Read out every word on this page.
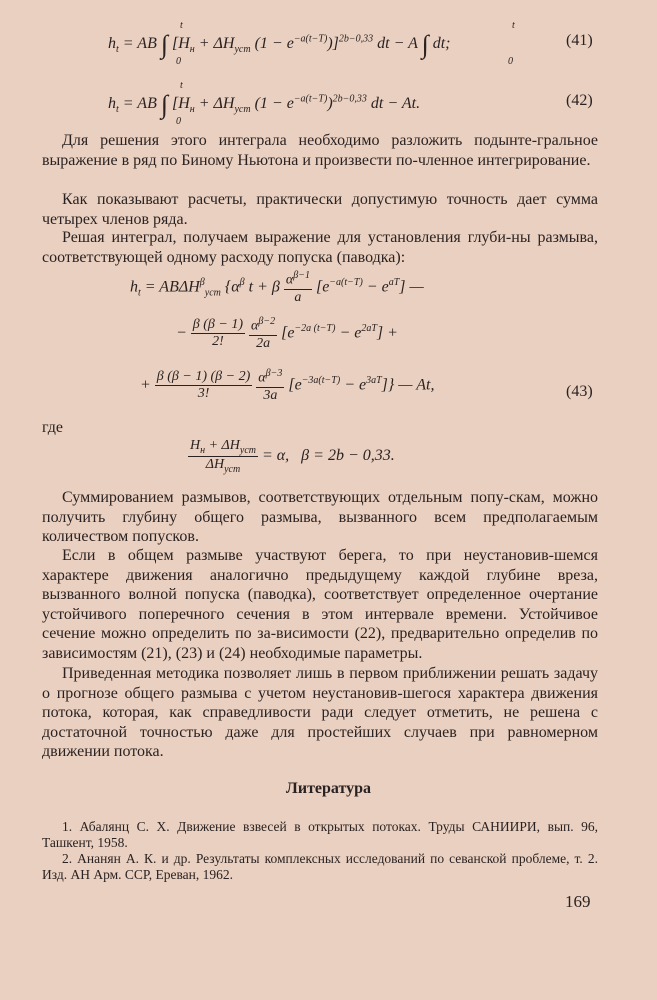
$h_t$ = AB ∫ [$H_н + \Delta H_{уст}$ $(1 - e^{-a(t-T)})]^{2b-0,33}$ dt − A ∫ dt;
t
0
t
0
(41)
$h_t$ = AB ∫ [$H_н + \Delta H_{уст}$ $(1 - e^{-a(t-T)})^{2b-0,33}$ dt − At.
t
0
(42)

Для решения этого интеграла необходимо разложить подынте-гральное выражение в ряд по Биному Ньютона и произвести по-членное интегрирование.

Как показывают расчеты, практически допустимую точность дает сумма четырех членов ряда.

Решая интеграл, получаем выражение для установления глуби-ны размыва, соответствующей одному расходу попуска (паводка):

$h_t = AB\Delta H^\beta_{уст}$ {$\alpha^\beta$ t + β $\frac{\alpha^{\beta-1}}{a} [e^{-a(t-T)} - e^{aT}]$ —
− $\frac{\beta (\beta - 1)}{2!}$
$\frac{\alpha^{\beta-2}}{2a} [e^{-2a (t-T)} - e^{2aT}]$ +
+ $\frac{\beta (\beta - 1) (\beta - 2)}{3!}$
$\frac{\alpha^{\beta-3}}{3a} [e^{-3a(t-T)} - e^{3aT}]$} — At,	(43)
где
$\frac{H_н + \Delta H_{уст}}{\Delta H_{уст}} = \alpha$,   β = 2b − 0,33.

Суммированием размывов, соответствующих отдельным попу-скам, можно получить глубину общего размыва, вызванного всем предполагаемым количеством попусков.

Если в общем размыве участвуют берега, то при неустановив-шемся характере движения аналогично предыдущему каждой глубине вреза, вызванного волной попуска (паводка), соответствует определенное очертание устойчивого поперечного сечения в этом интервале времени. Устойчивое сечение можно определить по за-висимости (22), предварительно определив по зависимостям (21), (23) и (24) необходимые параметры.

Приведенная методика позволяет лишь в первом приближении решать задачу о прогнозе общего размыва с учетом неустановив-шегося характера движения потока, которая, как справедливости ради следует отметить, не решена с достаточной точностью даже для простейших случаев при равномерном движении потока.

Литература
1. Абалянц С. Х. Движение взвесей в открытых потоках. Труды САНИИРИ, вып. 96, Ташкент, 1958.
2. Ананян А. К. и др. Результаты комплексных исследований по севанской проблеме, т. 2. Изд. АН Арм. ССР, Ереван, 1962.
169
